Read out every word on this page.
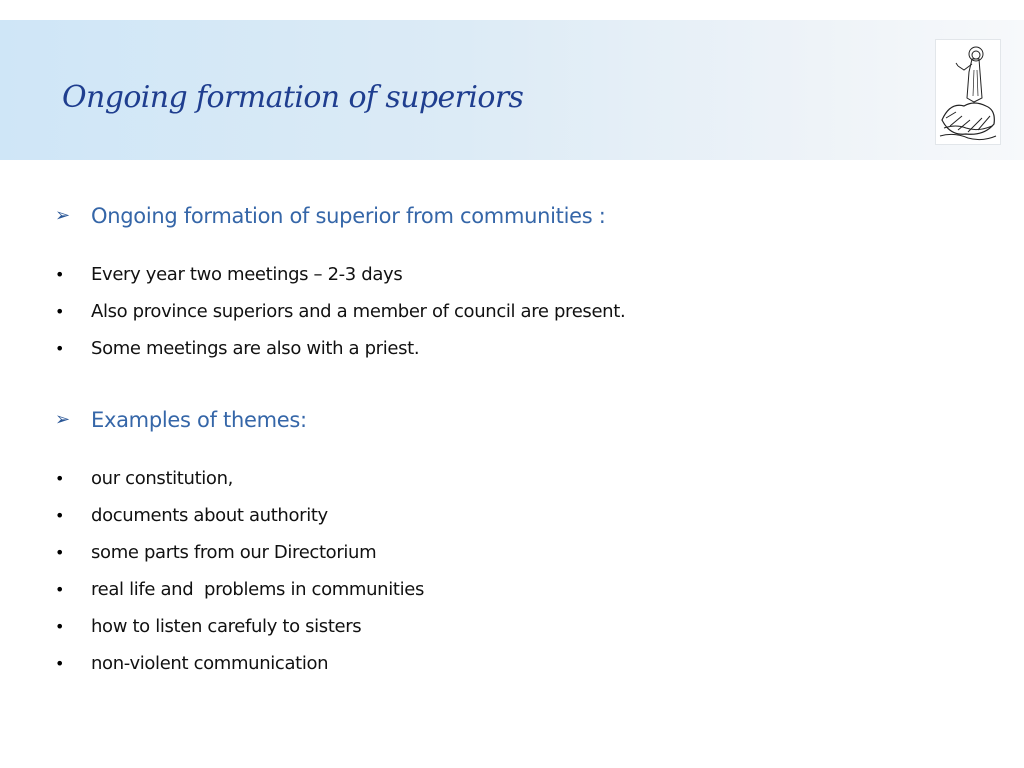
Ongoing formation of superiors
➢ Ongoing formation of superior from communities :
•	Every year two meetings – 2-3 days
•	Also province superiors and a member of council are present.
•	Some meetings are also with a priest.
➢ Examples of themes:
•	our constitution,
•	documents about authority
•	some parts from our Directorium
•	real life and  problems in communities
•	how to listen carefuly to sisters
•	non-violent communication
